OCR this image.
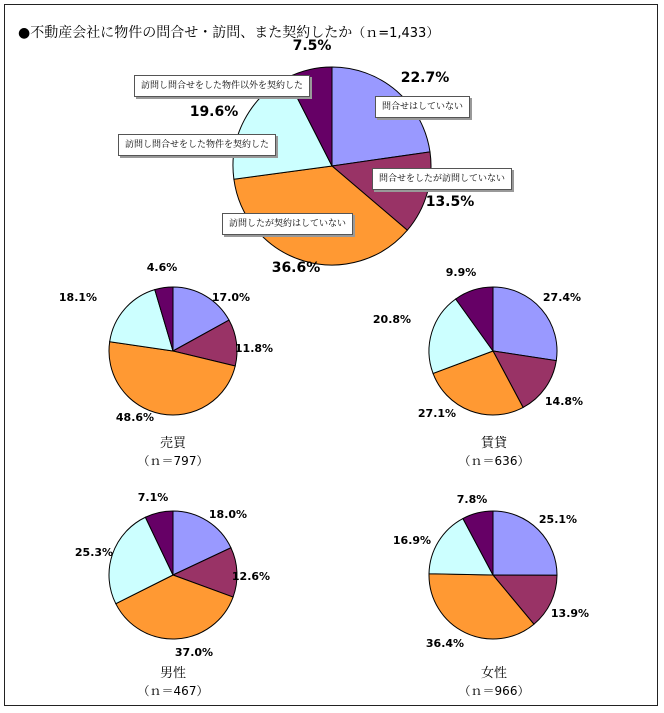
●不動産会社に物件の問合せ・訪問、また契約したか（ｎ=1,433）
22.7%
13.5%
36.6%
19.6%
7.5%
17.0%
11.8%
48.6%
18.1%
4.6%
27.4%
14.8%
27.1%
20.8%
9.9%
18.0%
12.6%
37.0%
25.3%
7.1%
25.1%
13.9%
36.4%
16.9%
7.8%
訪問し問合せをした物件以外を契約した
問合せはしていない
訪問し問合せをした物件を契約した
問合せをしたが訪問していない
訪問したが契約はしていない
売買
（ｎ＝797）
賃貸
（ｎ＝636）
男性
（ｎ＝467）
女性
（ｎ＝966）
